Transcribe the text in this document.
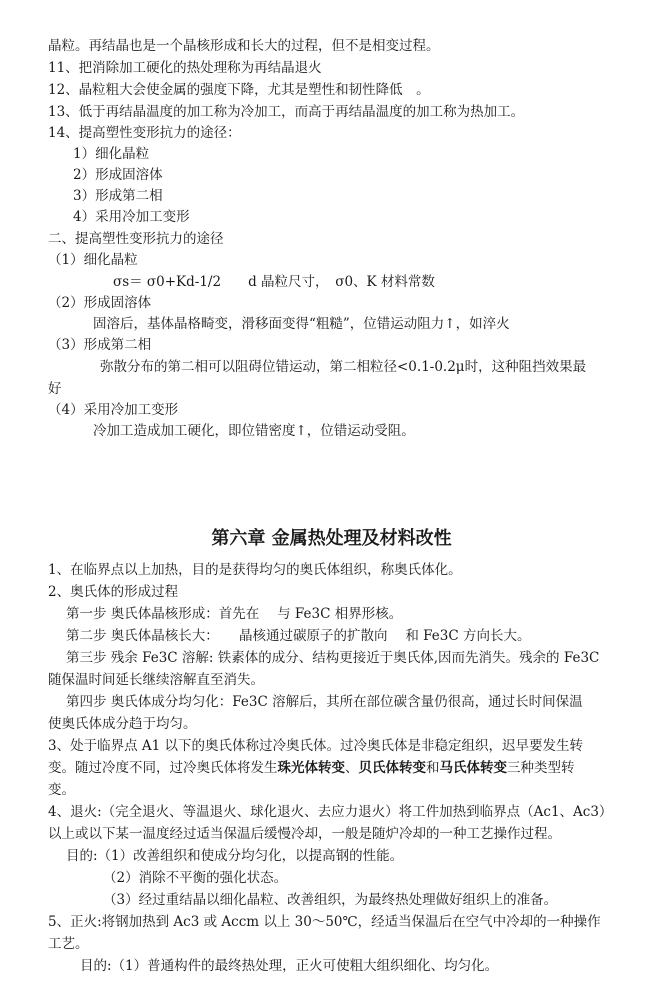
晶粒。再结晶也是一个晶核形成和长大的过程，但不是相变过程。
11、把消除加工硬化的热处理称为再结晶退火
12、晶粒粗大会使金属的强度下降，尤其是塑性和韧性降低　。
13、低于再结晶温度的加工称为冷加工，而高于再结晶温度的加工称为热加工。
14、提高塑性变形抗力的途径：
1）细化晶粒
2）形成固溶体
3）形成第二相
4）采用冷加工变形
二、提高塑性变形抗力的途径
（1）细化晶粒
σs＝ σ0+Kd-1/2　　d 晶粒尺寸，　σ0、K 材料常数
（2）形成固溶体
固溶后，基体晶格畸变，滑移面变得“粗糙”，位错运动阻力↑，如淬火
（3）形成第二相
弥散分布的第二相可以阻碍位错运动，第二相粒径<0.1-0.2μ时，这种阻挡效果最
好
（4）采用冷加工变形
冷加工造成加工硬化，即位错密度↑，位错运动受阻。
第六章 金属热处理及材料改性
1、在临界点以上加热，目的是获得均匀的奥氏体组织，称奥氏体化。
2、奥氏体的形成过程
第一步 奥氏体晶核形成：首先在　 与 Fe3C 相界形核。
第二步 奥氏体晶核长大：　　晶核通过碳原子的扩散向　 和 Fe3C 方向长大。
第三步 残余 Fe3C 溶解: 铁素体的成分、结构更接近于奥氏体,因而先消失。残余的 Fe3C
随保温时间延长继续溶解直至消失。
第四步 奥氏体成分均匀化：Fe3C 溶解后，其所在部位碳含量仍很高，通过长时间保温
使奥氏体成分趋于均匀。
3、处于临界点 A1 以下的奥氏体称过冷奥氏体。过冷奥氏体是非稳定组织，迟早要发生转
变。随过冷度不同，过冷奥氏体将发生珠光体转变、贝氏体转变和马氏体转变三种类型转
变。
4、退火:（完全退火、等温退火、球化退火、去应力退火）将工件加热到临界点（Ac1、Ac3）
以上或以下某一温度经过适当保温后缓慢冷却，一般是随炉冷却的一种工艺操作过程。
目的:（1）改善组织和使成分均匀化，以提高钢的性能。
（2）消除不平衡的强化状态。
（3）经过重结晶以细化晶粒、改善组织，为最终热处理做好组织上的准备。
5、正火:将钢加热到 Ac3 或 Accm 以上 30～50℃，经适当保温后在空气中冷却的一种操作
工艺。
目的:（1）普通构件的最终热处理，正火可使粗大组织细化、均匀化。
